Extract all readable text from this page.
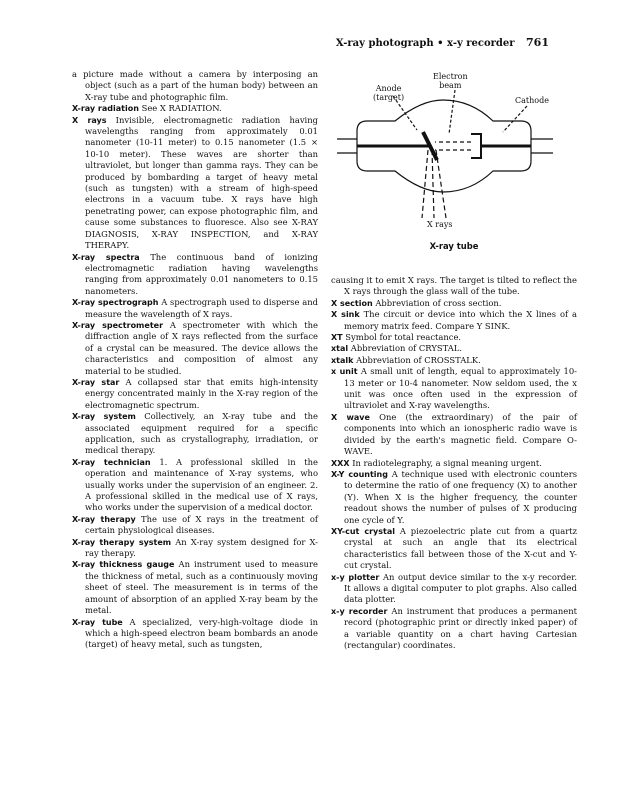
X-ray photograph • x-y recorder 761

a picture made without a camera by interposing an object (such as a part of the human body) between an X-ray tube and photographic film.

X-ray radiation See X RADIATION.

X rays Invisible, electromagnetic radiation having wavelengths ranging from approximately 0.01 nanometer (10-11 meter) to 0.15 nanometer (1.5 × 10-10 meter). These waves are shorter than ultraviolet, but longer than gamma rays. They can be produced by bombarding a target of heavy metal (such as tungsten) with a stream of high-speed electrons in a vacuum tube. X rays have high penetrating power, can expose photographic film, and cause some substances to fluoresce. Also see X-RAY DIAGNOSIS, X-RAY INSPECTION, and X-RAY THERAPY.

X-ray spectra The continuous band of ionizing electromagnetic radiation having wavelengths ranging from approximately 0.01 nanometers to 0.15 nanometers.

X-ray spectrograph A spectrograph used to disperse and measure the wavelength of X rays.

X-ray spectrometer A spectrometer with which the diffraction angle of X rays reflected from the surface of a crystal can be measured. The device allows the characteristics and composition of almost any material to be studied.

X-ray star A collapsed star that emits high-intensity energy concentrated mainly in the X-ray region of the electromagnetic spectrum.

X-ray system Collectively, an X-ray tube and the associated equipment required for a specific application, such as crystallography, irradiation, or medical therapy.

X-ray technician 1. A professional skilled in the operation and maintenance of X-ray systems, who usually works under the supervision of an engineer. 2. A professional skilled in the medical use of X rays, who works under the supervision of a medical doctor.

X-ray therapy The use of X rays in the treatment of certain physiological diseases.

X-ray therapy system An X-ray system designed for X-ray therapy.

X-ray thickness gauge An instrument used to measure the thickness of metal, such as a continuously moving sheet of steel. The measurement is in terms of the amount of absorption of an applied X-ray beam by the metal.

X-ray tube A specialized, very-high-voltage diode in which a high-speed electron beam bombards an anode (target) of heavy metal, such as tungsten,

Electron
beam
Anode
(target)	Cathode
X rays
X-ray tube

causing it to emit X rays. The target is tilted to reflect the X rays through the glass wall of the tube.

X section Abbreviation of cross section.

X sink The circuit or device into which the X lines of a memory matrix feed. Compare Y SINK.

XT Symbol for total reactance.

xtal Abbreviation of CRYSTAL.

xtalk Abbreviation of CROSSTALK.

x unit A small unit of length, equal to approximately 10-13 meter or 10-4 nanometer. Now seldom used, the x unit was once often used in the expression of ultraviolet and X-ray wavelengths.

X wave One (the extraordinary) of the pair of components into which an ionospheric radio wave is divided by the earth's magnetic field. Compare O-WAVE.

XXX In radiotelegraphy, a signal meaning urgent.

X-Y counting A technique used with electronic counters to determine the ratio of one frequency (X) to another (Y). When X is the higher frequency, the counter readout shows the number of pulses of X producing one cycle of Y.

XY-cut crystal A piezoelectric plate cut from a quartz crystal at such an angle that its electrical characteristics fall between those of the X-cut and Y-cut crystal.

x-y plotter An output device similar to the x-y recorder. It allows a digital computer to plot graphs. Also called data plotter.

x-y recorder An instrument that produces a permanent record (photographic print or directly inked paper) of a variable quantity on a chart having Cartesian (rectangular) coordinates.
